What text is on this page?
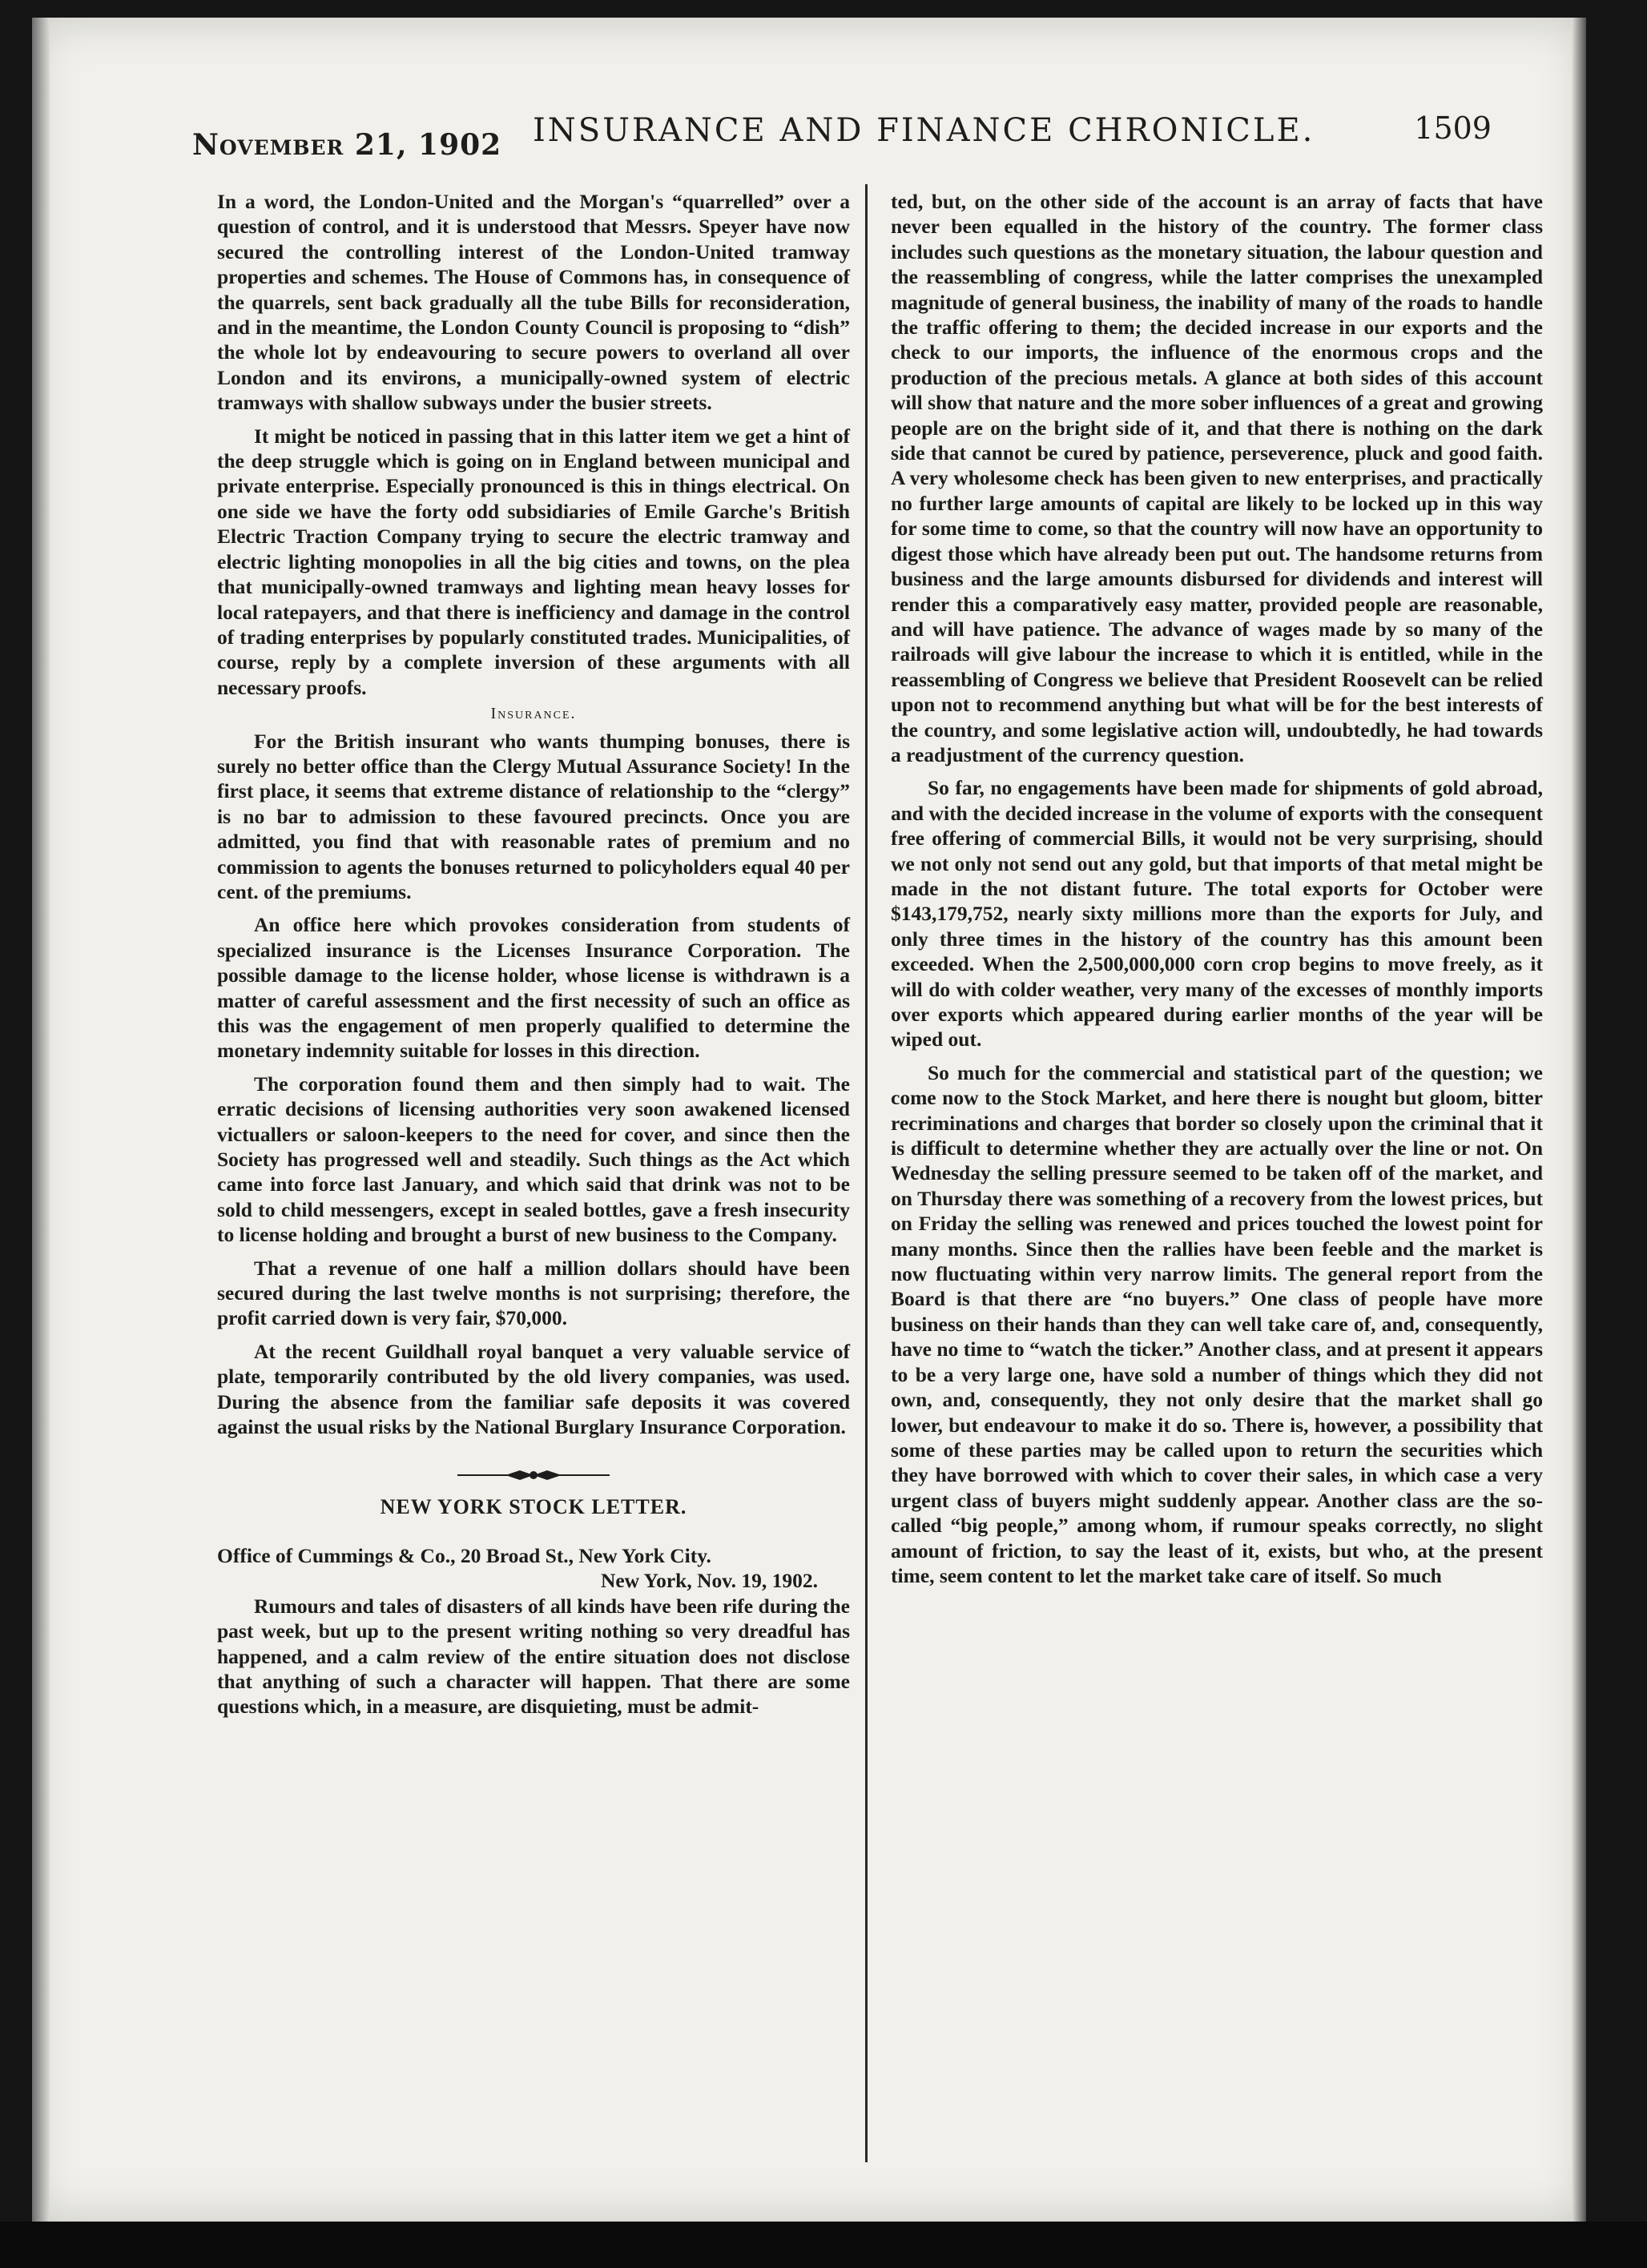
November 21, 1902 INSURANCE AND FINANCE CHRONICLE.	1509

In a word, the London-United and the Morgan's “quarrelled” over a question of control, and it is understood that Messrs. Speyer have now secured the controlling interest of the London-United tramway properties and schemes. The House of Commons has, in consequence of the quarrels, sent back gradually all the tube Bills for reconsideration, and in the meantime, the London County Council is proposing to “dish” the whole lot by endeavouring to secure powers to overland all over London and its environs, a municipally-owned system of electric tramways with shallow subways under the busier streets.

It might be noticed in passing that in this latter item we get a hint of the deep struggle which is going on in England between municipal and private enterprise. Especially pronounced is this in things electrical. On one side we have the forty odd subsidiaries of Emile Garche's British Electric Traction Company trying to secure the electric tramway and electric lighting monopolies in all the big cities and towns, on the plea that municipally-owned tramways and lighting mean heavy losses for local ratepayers, and that there is inefficiency and damage in the control of trading enterprises by popularly constituted trades. Municipalities, of course, reply by a complete inversion of these arguments with all necessary proofs.

Insurance.

For the British insurant who wants thumping bonuses, there is surely no better office than the Clergy Mutual Assurance Society! In the first place, it seems that extreme distance of relationship to the “clergy” is no bar to admission to these favoured precincts. Once you are admitted, you find that with reasonable rates of premium and no commission to agents the bonuses returned to policyholders equal 40 per cent. of the premiums.

An office here which provokes consideration from students of specialized insurance is the Licenses Insurance Corporation. The possible damage to the license holder, whose license is withdrawn is a matter of careful assessment and the first necessity of such an office as this was the engagement of men properly qualified to determine the monetary indemnity suitable for losses in this direction.

The corporation found them and then simply had to wait. The erratic decisions of licensing authorities very soon awakened licensed victuallers or saloon-keepers to the need for cover, and since then the Society has progressed well and steadily. Such things as the Act which came into force last January, and which said that drink was not to be sold to child messengers, except in sealed bottles, gave a fresh insecurity to license holding and brought a burst of new business to the Company.

That a revenue of one half a million dollars should have been secured during the last twelve months is not surprising; therefore, the profit carried down is very fair, $70,000.

At the recent Guildhall royal banquet a very valuable service of plate, temporarily contributed by the old livery companies, was used. During the absence from the familiar safe deposits it was covered against the usual risks by the National Burglary Insurance Corporation.

NEW YORK STOCK LETTER.

Office of Cummings & Co., 20 Broad St., New York City.

New York, Nov. 19, 1902.

Rumours and tales of disasters of all kinds have been rife during the past week, but up to the present writing nothing so very dreadful has happened, and a calm review of the entire situation does not disclose that anything of such a character will happen. That there are some questions which, in a measure, are disquieting, must be admit-

ted, but, on the other side of the account is an array of facts that have never been equalled in the history of the country. The former class includes such questions as the monetary situation, the labour question and the reassembling of congress, while the latter comprises the unexampled magnitude of general business, the inability of many of the roads to handle the traffic offering to them; the decided increase in our exports and the check to our imports, the influence of the enormous crops and the production of the precious metals. A glance at both sides of this account will show that nature and the more sober influences of a great and growing people are on the bright side of it, and that there is nothing on the dark side that cannot be cured by patience, perseverence, pluck and good faith. A very wholesome check has been given to new enterprises, and practically no further large amounts of capital are likely to be locked up in this way for some time to come, so that the country will now have an opportunity to digest those which have already been put out. The handsome returns from business and the large amounts disbursed for dividends and interest will render this a comparatively easy matter, provided people are reasonable, and will have patience. The advance of wages made by so many of the railroads will give labour the increase to which it is entitled, while in the reassembling of Congress we believe that President Roosevelt can be relied upon not to recommend anything but what will be for the best interests of the country, and some legislative action will, undoubtedly, he had towards a readjustment of the currency question.

So far, no engagements have been made for shipments of gold abroad, and with the decided increase in the volume of exports with the consequent free offering of commercial Bills, it would not be very surprising, should we not only not send out any gold, but that imports of that metal might be made in the not distant future. The total exports for October were $143,179,752, nearly sixty millions more than the exports for July, and only three times in the history of the country has this amount been exceeded. When the 2,500,000,000 corn crop begins to move freely, as it will do with colder weather, very many of the excesses of monthly imports over exports which appeared during earlier months of the year will be wiped out.

So much for the commercial and statistical part of the question; we come now to the Stock Market, and here there is nought but gloom, bitter recriminations and charges that border so closely upon the criminal that it is difficult to determine whether they are actually over the line or not. On Wednesday the selling pressure seemed to be taken off of the market, and on Thursday there was something of a recovery from the lowest prices, but on Friday the selling was renewed and prices touched the lowest point for many months. Since then the rallies have been feeble and the market is now fluctuating within very narrow limits. The general report from the Board is that there are “no buyers.” One class of people have more business on their hands than they can well take care of, and, consequently, have no time to “watch the ticker.” Another class, and at present it appears to be a very large one, have sold a number of things which they did not own, and, consequently, they not only desire that the market shall go lower, but endeavour to make it do so. There is, however, a possibility that some of these parties may be called upon to return the securities which they have borrowed with which to cover their sales, in which case a very urgent class of buyers might suddenly appear. Another class are the so-called “big people,” among whom, if rumour speaks correctly, no slight amount of friction, to say the least of it, exists, but who, at the present time, seem content to let the market take care of itself. So much
